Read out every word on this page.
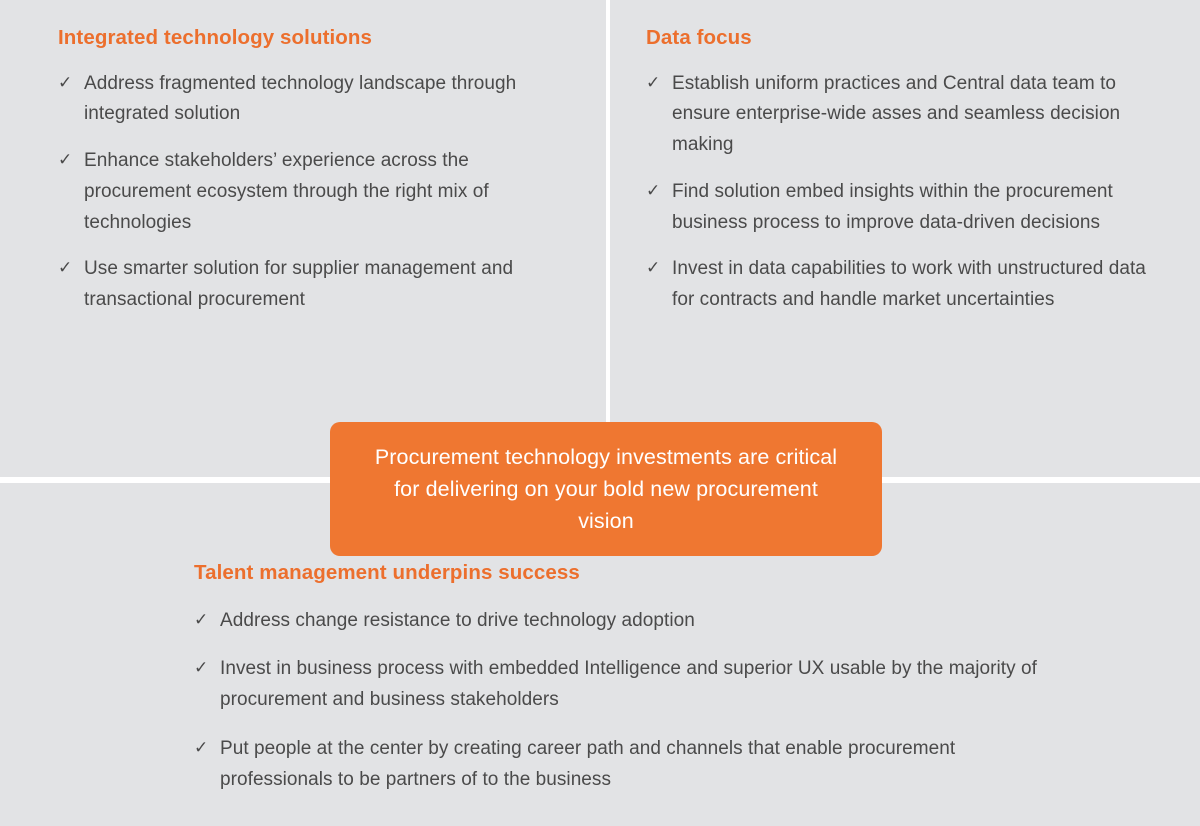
Integrated technology solutions
✓ Address fragmented technology landscape through integrated solution
✓ Enhance stakeholders’ experience across the procurement ecosystem through the right mix of technologies
✓ Use smarter solution for supplier management and transactional procurement
Data focus
✓ Establish uniform practices and Central data team to ensure enterprise-wide asses and seamless decision making
✓ Find solution embed insights within the procurement business process to improve data-driven decisions
✓ Invest in data capabilities to work with unstructured data for contracts and handle market uncertainties
Talent management underpins success
✓ Address change resistance to drive technology adoption
✓ Invest in business process with embedded Intelligence and superior UX usable by the majority of procurement and business stakeholders
✓ Put people at the center by creating career path and channels that enable procurement professionals to be partners of to the business
Procurement technology investments are critical for delivering on your bold new procurement vision
